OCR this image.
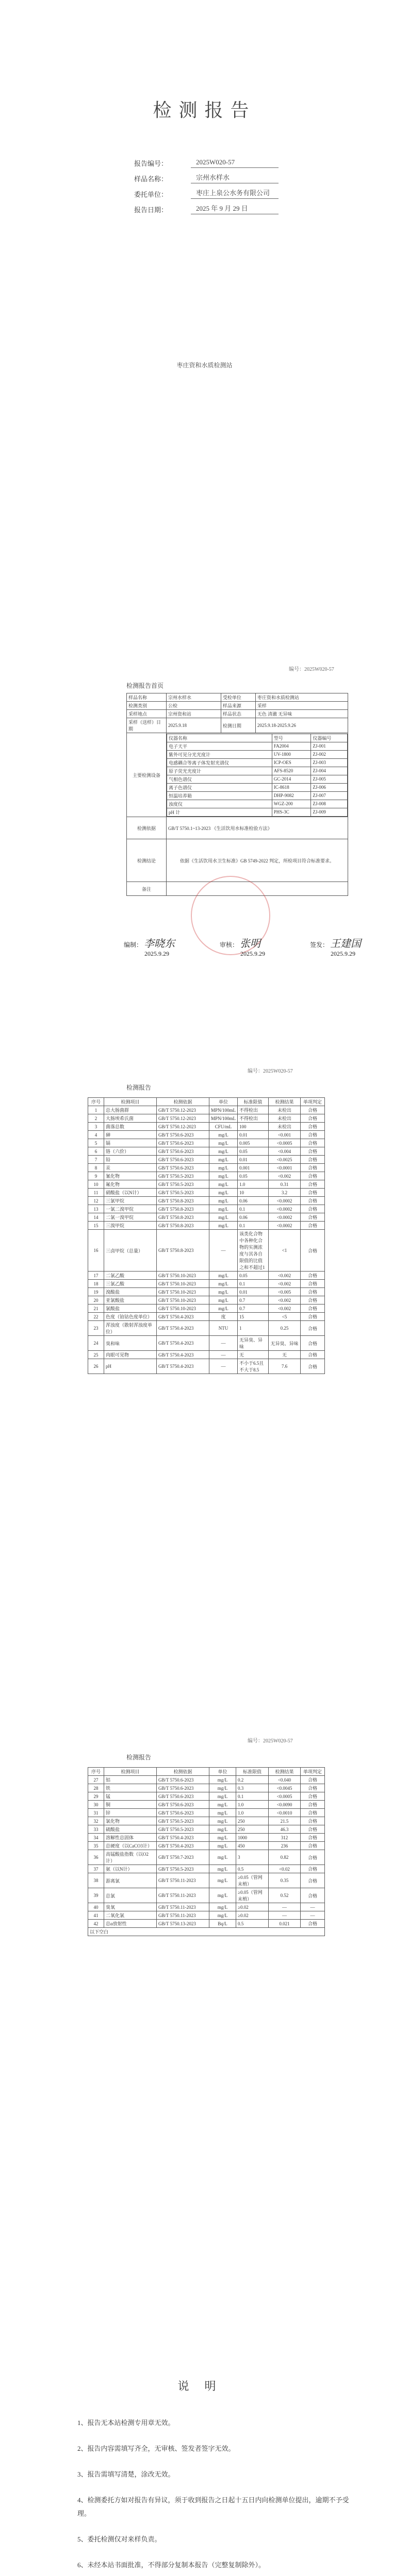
检测报告
报告编号：	2025W020-57
样品名称：	宗州水样水
委托单位：	枣庄上泉公水务有限公司
报告日期：	2025 年 9 月 29 日
枣庄资和水质检测站
编号：2025W020-57
检测报告首页
样品名称	宗州水样水	受检单位	枣庄资和水质检测站
检测类别	公检	样品来源	采样
采样地点	宗州资和站	样品状态	无色 清澈 无异味
采样（送样）日期	2025.9.18	检测日期	2025.9.18-2025.9.26
主要检测设备	
仪器名称	型号	仪器编号
电子天平	FA2004	ZJ-001
紫外可见分光光度计	UV-1800	ZJ-002
电感耦合等离子体发射光谱仪	ICP-OES	ZJ-003
原子荧光光度计	AFS-8520	ZJ-004
气相色谱仪	GC-2014	ZJ-005
离子色谱仪	IC-8618	ZJ-006
恒温培养箱	DHP-9082	ZJ-007
浊度仪	WGZ-200	ZJ-008
pH 计	PHS-3C	ZJ-009

检测依据	GB/T 5750.1~13-2023 《生活饮用水标准检验方法》
检测结论	依据《生活饮用水卫生标准》GB 5749-2022 判定，所检项目符合标准要求。
备注	
编制： 李晓东
2025.9.29
审核： 张明
2025.9.29
签发： 王建国
2025.9.29
编号：2025W020-57
检测报告
序号	检测项目	检测依据	单位	标准限值	检测结果	单项判定
1	总大肠菌群	GB/T 5750.12-2023	MPN/100mL	不得检出	未检出	合格
2	大肠埃希氏菌	GB/T 5750.12-2023	MPN/100mL	不得检出	未检出	合格
3	菌落总数	GB/T 5750.12-2023	CFU/mL	100	未检出	合格
4	砷	GB/T 5750.6-2023	mg/L	0.01	<0.001	合格
5	镉	GB/T 5750.6-2023	mg/L	0.005	<0.0005	合格
6	铬（六价）	GB/T 5750.6-2023	mg/L	0.05	<0.004	合格
7	铅	GB/T 5750.6-2023	mg/L	0.01	<0.0025	合格
8	汞	GB/T 5750.6-2023	mg/L	0.001	<0.0001	合格
9	氰化物	GB/T 5750.5-2023	mg/L	0.05	<0.002	合格
10	氟化物	GB/T 5750.5-2023	mg/L	1.0	0.31	合格
11	硝酸盐（以N计）	GB/T 5750.5-2023	mg/L	10	3.2	合格
12	三氯甲烷	GB/T 5750.8-2023	mg/L	0.06	<0.0002	合格
13	一氯二溴甲烷	GB/T 5750.8-2023	mg/L	0.1	<0.0002	合格
14	二氯一溴甲烷	GB/T 5750.8-2023	mg/L	0.06	<0.0002	合格
15	三溴甲烷	GB/T 5750.8-2023	mg/L	0.1	<0.0002	合格
16	三卤甲烷（总量）	GB/T 5750.8-2023	—	该类化合物中各种化合物的实测浓度与其各自限值的比值之和不超过1	<1	合格
17	二氯乙酸	GB/T 5750.10-2023	mg/L	0.05	<0.002	合格
18	三氯乙酸	GB/T 5750.10-2023	mg/L	0.1	<0.002	合格
19	溴酸盐	GB/T 5750.10-2023	mg/L	0.01	<0.005	合格
20	亚氯酸盐	GB/T 5750.10-2023	mg/L	0.7	<0.002	合格
21	氯酸盐	GB/T 5750.10-2023	mg/L	0.7	<0.002	合格
22	色度（铂钴色度单位）	GB/T 5750.4-2023	度	15	<5	合格
23	浑浊度（散射浑浊度单位）	GB/T 5750.4-2023	NTU	1	0.25	合格
24	臭和味	GB/T 5750.4-2023	—	无异臭、异味	无异臭、异味	合格
25	肉眼可见物	GB/T 5750.4-2023	—	无	无	合格
26	pH	GB/T 5750.4-2023	—	不小于6.5且不大于8.5	7.6	合格
编号：2025W020-57
检测报告
序号	检测项目	检测依据	单位	标准限值	检测结果	单项判定
27	铝	GB/T 5750.6-2023	mg/L	0.2	<0.040	合格
28	铁	GB/T 5750.6-2023	mg/L	0.3	<0.0045	合格
29	锰	GB/T 5750.6-2023	mg/L	0.1	<0.0005	合格
30	铜	GB/T 5750.6-2023	mg/L	1.0	<0.0090	合格
31	锌	GB/T 5750.6-2023	mg/L	1.0	<0.0010	合格
32	氯化物	GB/T 5750.5-2023	mg/L	250	21.5	合格
33	硫酸盐	GB/T 5750.5-2023	mg/L	250	46.3	合格
34	溶解性总固体	GB/T 5750.4-2023	mg/L	1000	312	合格
35	总硬度（以CaCO3计）	GB/T 5750.4-2023	mg/L	450	236	合格
36	高锰酸盐指数（以O2计）	GB/T 5750.7-2023	mg/L	3	0.82	合格
37	氨（以N计）	GB/T 5750.5-2023	mg/L	0.5	<0.02	合格
38	游离氯	GB/T 5750.11-2023	mg/L	≥0.05（管网末梢）	0.35	合格
39	总氯	GB/T 5750.11-2023	mg/L	≥0.05（管网末梢）	0.52	合格
40	臭氧	GB/T 5750.11-2023	mg/L	≥0.02	—	—
41	二氧化氯	GB/T 5750.11-2023	mg/L	≥0.02	—	—
42	总α放射性	GB/T 5750.13-2023	Bq/L	0.5	0.021	合格
以下空白						
说明
1、报告无本站检测专用章无效。
2、报告内容需填写齐全，无审核、签发者签字无效。
3、报告需填写清楚，涂改无效。
4、检测委托方如对报告有异议，须于收到报告之日起十五日内向检测单位提出，逾期不予受理。
5、委托检测仅对来样负责。
6、未经本站书面批准，不得部分复制本报告（完整复制除外）。
